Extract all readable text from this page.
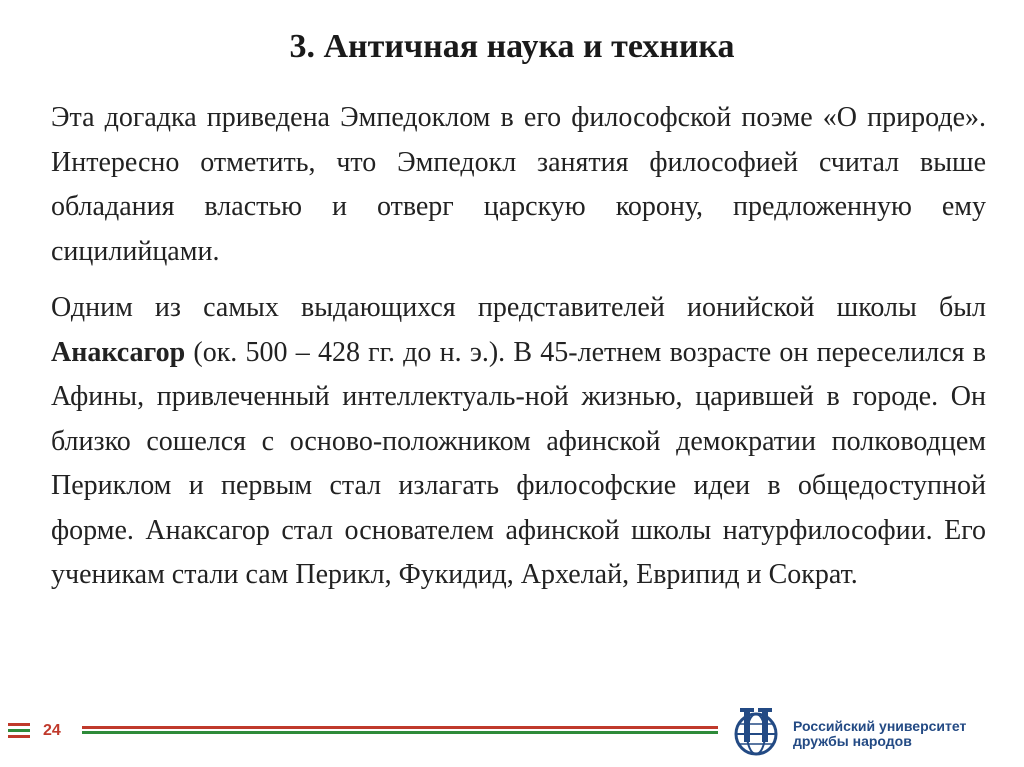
3. Античная наука и техника

Эта догадка приведена Эмпедоклом в его философской поэме «О природе». Интересно отметить, что Эмпедокл занятия философией считал выше обладания властью и отверг царскую корону, предложенную ему сицилийцами.

Одним из самых выдающихся представителей ионийской школы был Анаксагор (ок. 500 – 428 гг. до н. э.). В 45-летнем возрасте он переселился в Афины, привлеченный интеллектуаль-ной жизнью, царившей в городе. Он близко сошелся с осново-положником афинской демократии полководцем Периклом и первым стал излагать философские идеи в общедоступной форме. Анаксагор стал основателем афинской школы натурфилософии. Его ученикам стали сам Перикл, Фукидид, Архелай, Еврипид и Сократ.

24	Российский университет
дружбы народов
